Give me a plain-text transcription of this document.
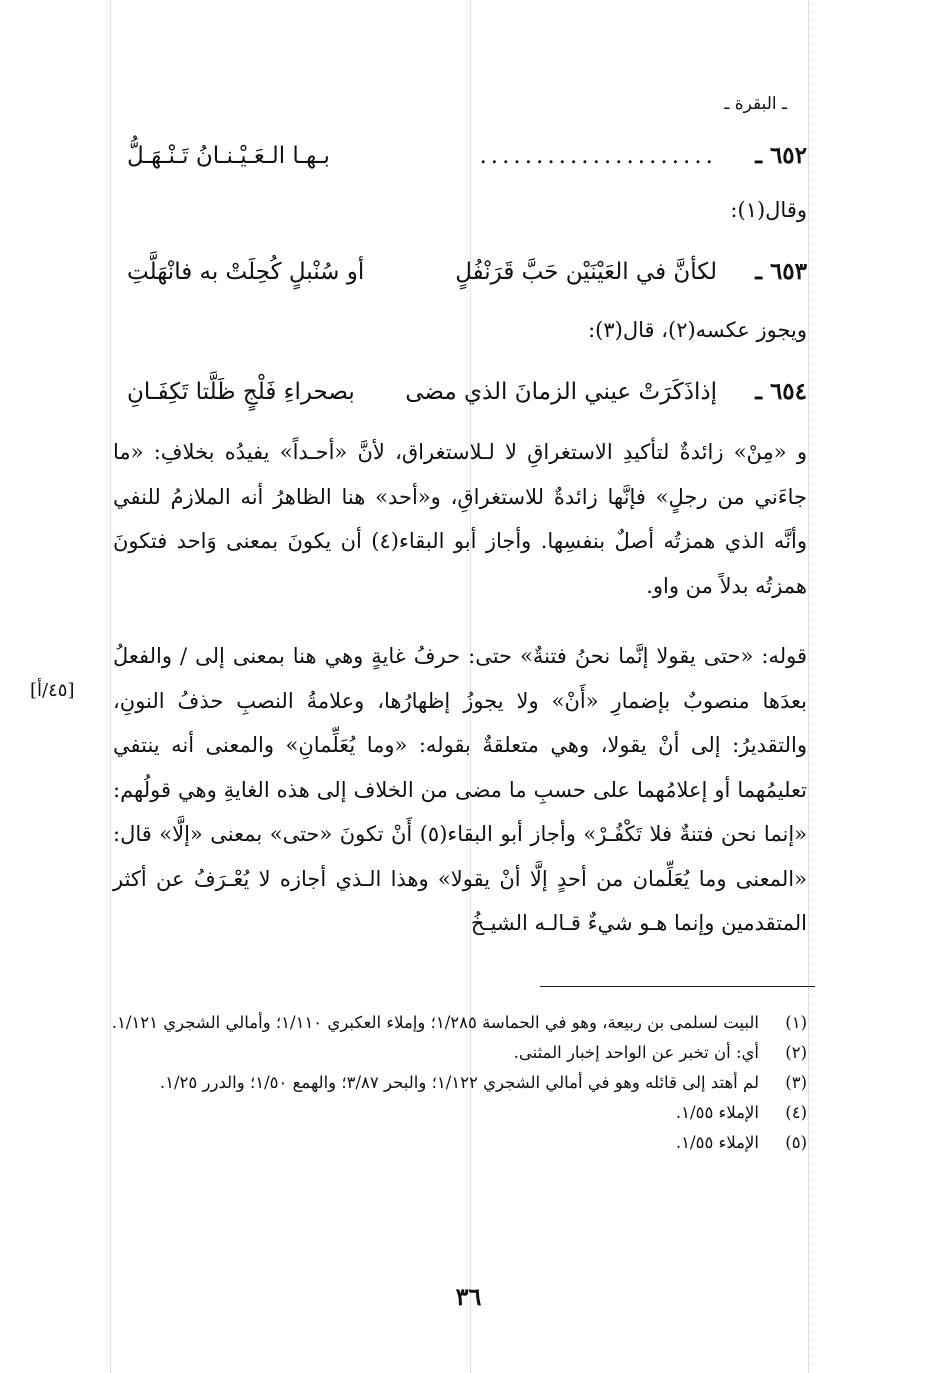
ـ البقرة ـ
٦٥٢ ـ
.....................
بـهـا الـعَـيْـنـانُ تَـنْـهَـلُّ
وقال(١):
٦٥٣ ـ
لكأنَّ في العَيْنَيْن حَبَّ قَرَنْفُلٍ
أو سُنْبلٍ كُحِلَتْ به فانْهَلَّتِ
ويجوز عكسه(٢)، قال(٣):
٦٥٤ ـ
إذاذَكَرَتْ عيني الزمانَ الذي مضى
بصحراءِ فَلْجٍ ظَلَّتا تَكِفَـانِ

و «مِنْ» زائدةٌ لتأكيدِ الاستغراقِ لا لـلاستغراق، لأنَّ «أحـداً» يفيدُه بخلافِ: «ما جاءَني من رجلٍ» فإنَّها زائدةٌ للاستغراقِ، و«أحد» هنا الظاهرُ أنه الملازمُ للنفي وأنَّه الذي همزتُه أصلٌ بنفسِها. وأجاز أبو البقاء(٤) أن يكونَ بمعنى وَاحد فتكونَ همزتُه بدلاً من واو.

قوله: «حتى يقولا إنَّما نحنُ فتنةٌ» حتى: حرفُ غايةٍ وهي هنا بمعنى إلى / والفعلُ بعدَها منصوبٌ بإضمارِ «أَنْ» ولا يجوزُ إظهارُها، وعلامةُ النصبِ حذفُ النونِ، والتقديرُ: إلى أنْ يقولا، وهي متعلقةٌ بقوله: «وما يُعَلِّمانِ» والمعنى أنه ينتفي تعليمُهما أو إعلامُهما على حسبِ ما مضى من الخلاف إلى هذه الغايةِ وهي قولُهم: «إنما نحن فتنةٌ فلا تَكْفُـرْ» وأجاز أبو البقاء(٥) أَنْ تكونَ «حتى» بمعنى «إلَّا» قال: «المعنى وما يُعَلِّمان من أحدٍ إلَّا أنْ يقولا» وهذا الـذي أجازه لا يُعْـرَفُ عن أكثر المتقدمين وإنما هـو شيءٌ قـالـه الشيـخُ

[٤٥/أ]
(١)
البيت لسلمى بن ربيعة، وهو في الحماسة ١/٢٨٥؛ وإملاء العكبري ١/١١٠؛ وأمالي الشجري ١/١٢١.
(٢)
أي: أن تخبر عن الواحد إخبار المثنى.
(٣)
لم أهتد إلى قائله وهو في أمالي الشجري ١/١٢٢؛ والبحر ٣/٨٧؛ والهمع ١/٥٠؛ والدرر ١/٢٥.
(٤)
الإملاء ١/٥٥.
(٥)
الإملاء ١/٥٥.
٣٦
